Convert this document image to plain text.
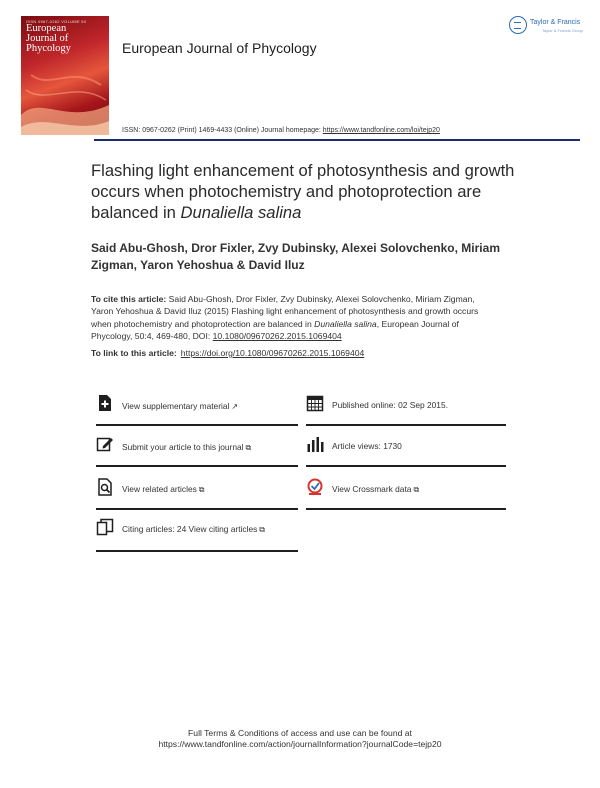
ISSN 0967-0262 VOLUME 50
European
Journal of
Phycology	European Journal of Phycology
Taylor & Francis
Taylor & Francis Group
ISSN: 0967-0262 (Print) 1469-4433 (Online) Journal homepage: https://www.tandfonline.com/loi/tejp20
Flashing light enhancement of photosynthesis and growth occurs when photochemistry and photoprotection are balanced in Dunaliella salina
Said Abu-Ghosh, Dror Fixler, Zvy Dubinsky, Alexei Solovchenko, Miriam Zigman, Yaron Yehoshua & David Iluz
To cite this article: Said Abu-Ghosh, Dror Fixler, Zvy Dubinsky, Alexei Solovchenko, Miriam Zigman, Yaron Yehoshua & David Iluz (2015) Flashing light enhancement of photosynthesis and growth occurs when photochemistry and photoprotection are balanced in Dunaliella salina, European Journal of Phycology, 50:4, 469-480, DOI: 10.1080/09670262.2015.1069404
To link to this article: https://doi.org/10.1080/09670262.2015.1069404
View supplementary material ↗
Submit your article to this journal ⧉
View related articles ⧉
Citing articles: 24 View citing articles ⧉
Published online: 02 Sep 2015.
Article views: 1730
View Crossmark data ⧉
Full Terms & Conditions of access and use can be found at
https://www.tandfonline.com/action/journalInformation?journalCode=tejp20
